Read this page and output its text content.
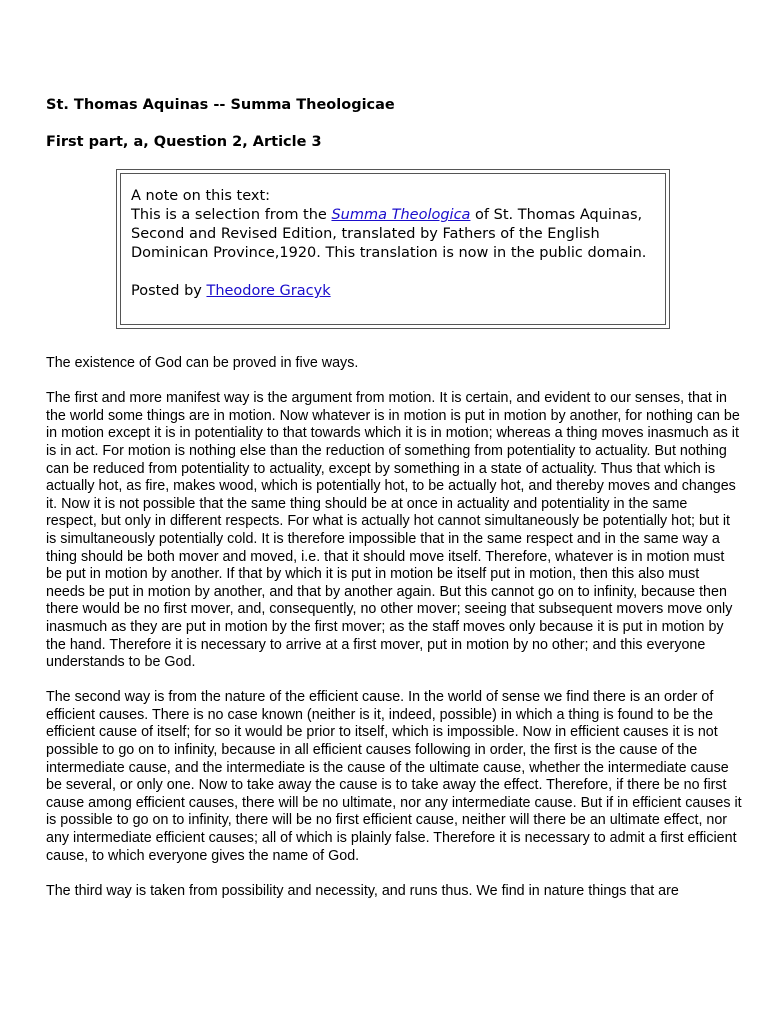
St. Thomas Aquinas -- Summa Theologicae
First part, a, Question 2, Article 3

A note on this text:

This is a selection from the Summa Theologica of St. Thomas Aquinas, Second and Revised Edition, translated by Fathers of the English Dominican Province,1920. This translation is now in the public domain.

Posted by Theodore Gracyk

The existence of God can be proved in five ways.

The first and more manifest way is the argument from motion. It is certain, and evident to our senses, that in the world some things are in motion. Now whatever is in motion is put in motion by another, for nothing can be in motion except it is in potentiality to that towards which it is in motion; whereas a thing moves inasmuch as it is in act. For motion is nothing else than the reduction of something from potentiality to actuality. But nothing can be reduced from potentiality to actuality, except by something in a state of actuality. Thus that which is actually hot, as fire, makes wood, which is potentially hot, to be actually hot, and thereby moves and changes it. Now it is not possible that the same thing should be at once in actuality and potentiality in the same respect, but only in different respects. For what is actually hot cannot simultaneously be potentially hot; but it is simultaneously potentially cold. It is therefore impossible that in the same respect and in the same way a thing should be both mover and moved, i.e. that it should move itself. Therefore, whatever is in motion must be put in motion by another. If that by which it is put in motion be itself put in motion, then this also must needs be put in motion by another, and that by another again. But this cannot go on to infinity, because then there would be no first mover, and, consequently, no other mover; seeing that subsequent movers move only inasmuch as they are put in motion by the first mover; as the staff moves only because it is put in motion by the hand. Therefore it is necessary to arrive at a first mover, put in motion by no other; and this everyone understands to be God.

The second way is from the nature of the efficient cause. In the world of sense we find there is an order of efficient causes. There is no case known (neither is it, indeed, possible) in which a thing is found to be the efficient cause of itself; for so it would be prior to itself, which is impossible. Now in efficient causes it is not possible to go on to infinity, because in all efficient causes following in order, the first is the cause of the intermediate cause, and the intermediate is the cause of the ultimate cause, whether the intermediate cause be several, or only one. Now to take away the cause is to take away the effect. Therefore, if there be no first cause among efficient causes, there will be no ultimate, nor any intermediate cause. But if in efficient causes it is possible to go on to infinity, there will be no first efficient cause, neither will there be an ultimate effect, nor any intermediate efficient causes; all of which is plainly false. Therefore it is necessary to admit a first efficient cause, to which everyone gives the name of God.

The third way is taken from possibility and necessity, and runs thus. We find in nature things that are
